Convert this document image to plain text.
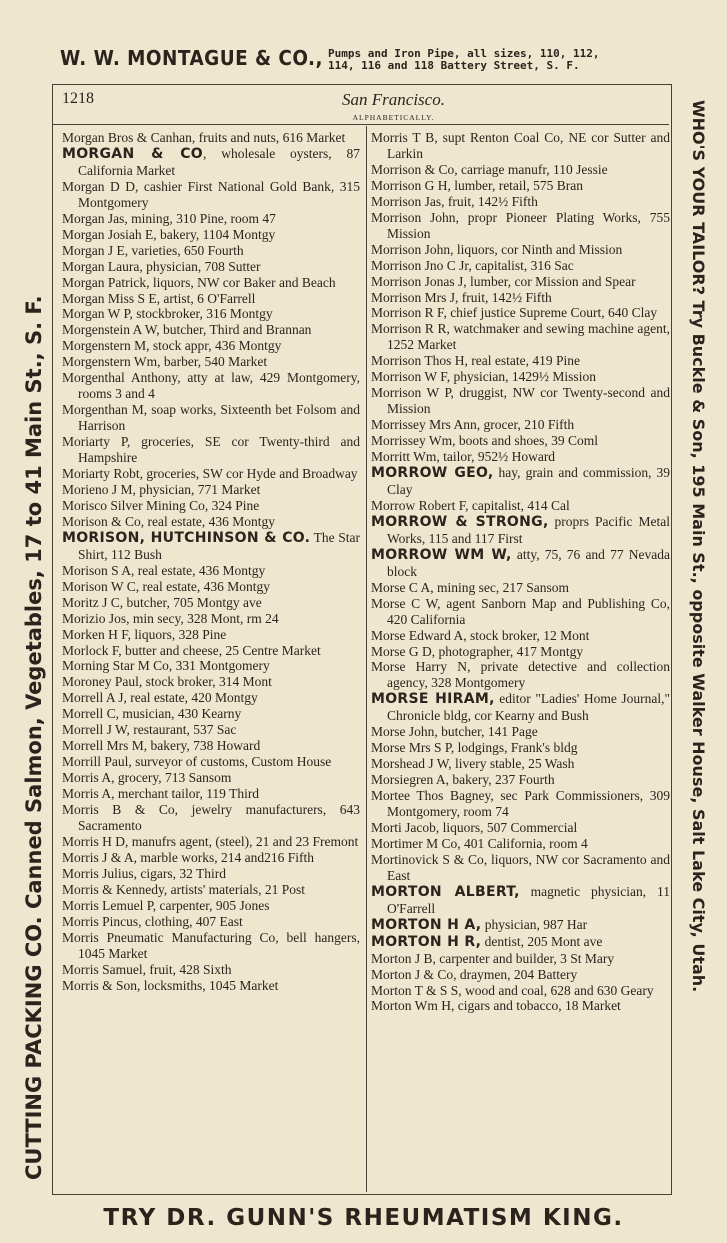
W. W. MONTAGUE & CO., Pumps and Iron Pipe, all sizes, 110, 112,
114, 116 and 118 Battery Street, S. F.
CUTTING PACKING CO. Canned Salmon, Vegetables, 17 to 41 Main St., S. F.	WHO'S YOUR TAILOR? Try Buckle & Son, 195 Main St., opposite Walker House, Salt Lake City, Utah.
1218	San Francisco.
ALPHABETICALLY.
Morgan Bros & Canhan, fruits and nuts, 616 Market
MORGAN & CO, wholesale oysters, 87 California Market
Morgan D D, cashier First National Gold Bank, 315 Montgomery
Morgan Jas, mining, 310 Pine, room 47
Morgan Josiah E, bakery, 1104 Montgy
Morgan J E, varieties, 650 Fourth
Morgan Laura, physician, 708 Sutter
Morgan Patrick, liquors, NW cor Baker and Beach
Morgan Miss S E, artist, 6 O'Farrell
Morgan W P, stockbroker, 316 Montgy
Morgenstein A W, butcher, Third and Brannan
Morgenstern M, stock appr, 436 Montgy
Morgenstern Wm, barber, 540 Market
Morgenthal Anthony, atty at law, 429 Montgomery, rooms 3 and 4
Morgenthan M, soap works, Sixteenth bet Folsom and Harrison
Moriarty P, groceries, SE cor Twenty-third and Hampshire
Moriarty Robt, groceries, SW cor Hyde and Broadway
Morieno J M, physician, 771 Market
Morisco Silver Mining Co, 324 Pine
Morison & Co, real estate, 436 Montgy
MORISON, HUTCHINSON & CO. The Star Shirt, 112 Bush
Morison S A, real estate, 436 Montgy
Morison W C, real estate, 436 Montgy
Moritz J C, butcher, 705 Montgy ave
Morizio Jos, min secy, 328 Mont, rm 24
Morken H F, liquors, 328 Pine
Morlock F, butter and cheese, 25 Centre Market
Morning Star M Co, 331 Montgomery
Moroney Paul, stock broker, 314 Mont
Morrell A J, real estate, 420 Montgy
Morrell C, musician, 430 Kearny
Morrell J W, restaurant, 537 Sac
Morrell Mrs M, bakery, 738 Howard
Morrill Paul, surveyor of customs, Custom House
Morris A, grocery, 713 Sansom
Morris A, merchant tailor, 119 Third
Morris B & Co, jewelry manufacturers, 643 Sacramento
Morris H D, manufrs agent, (steel), 21 and 23 Fremont
Morris J & A, marble works, 214 and216 Fifth
Morris Julius, cigars, 32 Third
Morris & Kennedy, artists' materials, 21 Post
Morris Lemuel P, carpenter, 905 Jones
Morris Pincus, clothing, 407 East
Morris Pneumatic Manufacturing Co, bell hangers, 1045 Market
Morris Samuel, fruit, 428 Sixth
Morris & Son, locksmiths, 1045 Market
Morris T B, supt Renton Coal Co, NE cor Sutter and Larkin
Morrison & Co, carriage manufr, 110 Jessie
Morrison G H, lumber, retail, 575 Bran
Morrison Jas, fruit, 142½ Fifth
Morrison John, propr Pioneer Plating Works, 755 Mission
Morrison John, liquors, cor Ninth and Mission
Morrison Jno C Jr, capitalist, 316 Sac
Morrison Jonas J, lumber, cor Mission and Spear
Morrison Mrs J, fruit, 142½ Fifth
Morrison R F, chief justice Supreme Court, 640 Clay
Morrison R R, watchmaker and sewing machine agent, 1252 Market
Morrison Thos H, real estate, 419 Pine
Morrison W F, physician, 1429½ Mission
Morrison W P, druggist, NW cor Twenty-second and Mission
Morrissey Mrs Ann, grocer, 210 Fifth
Morrissey Wm, boots and shoes, 39 Coml
Morritt Wm, tailor, 952½ Howard
MORROW GEO, hay, grain and commission, 39 Clay
Morrow Robert F, capitalist, 414 Cal
MORROW & STRONG, proprs Pacific Metal Works, 115 and 117 First
MORROW WM W, atty, 75, 76 and 77 Nevada block
Morse C A, mining sec, 217 Sansom
Morse C W, agent Sanborn Map and Publishing Co, 420 California
Morse Edward A, stock broker, 12 Mont
Morse G D, photographer, 417 Montgy
Morse Harry N, private detective and collection agency, 328 Montgomery
MORSE HIRAM, editor "Ladies' Home Journal," Chronicle bldg, cor Kearny and Bush
Morse John, butcher, 141 Page
Morse Mrs S P, lodgings, Frank's bldg
Morshead J W, livery stable, 25 Wash
Morsiegren A, bakery, 237 Fourth
Mortee Thos Bagney, sec Park Commissioners, 309 Montgomery, room 74
Morti Jacob, liquors, 507 Commercial
Mortimer M Co, 401 California, room 4
Mortinovick S & Co, liquors, NW cor Sacramento and East
MORTON ALBERT, magnetic physician, 11 O'Farrell
MORTON H A, physician, 987 Har
MORTON H R, dentist, 205 Mont ave
Morton J B, carpenter and builder, 3 St Mary
Morton J & Co, draymen, 204 Battery
Morton T & S S, wood and coal, 628 and 630 Geary
Morton Wm H, cigars and tobacco, 18 Market
TRY DR. GUNN'S RHEUMATISM KING.
